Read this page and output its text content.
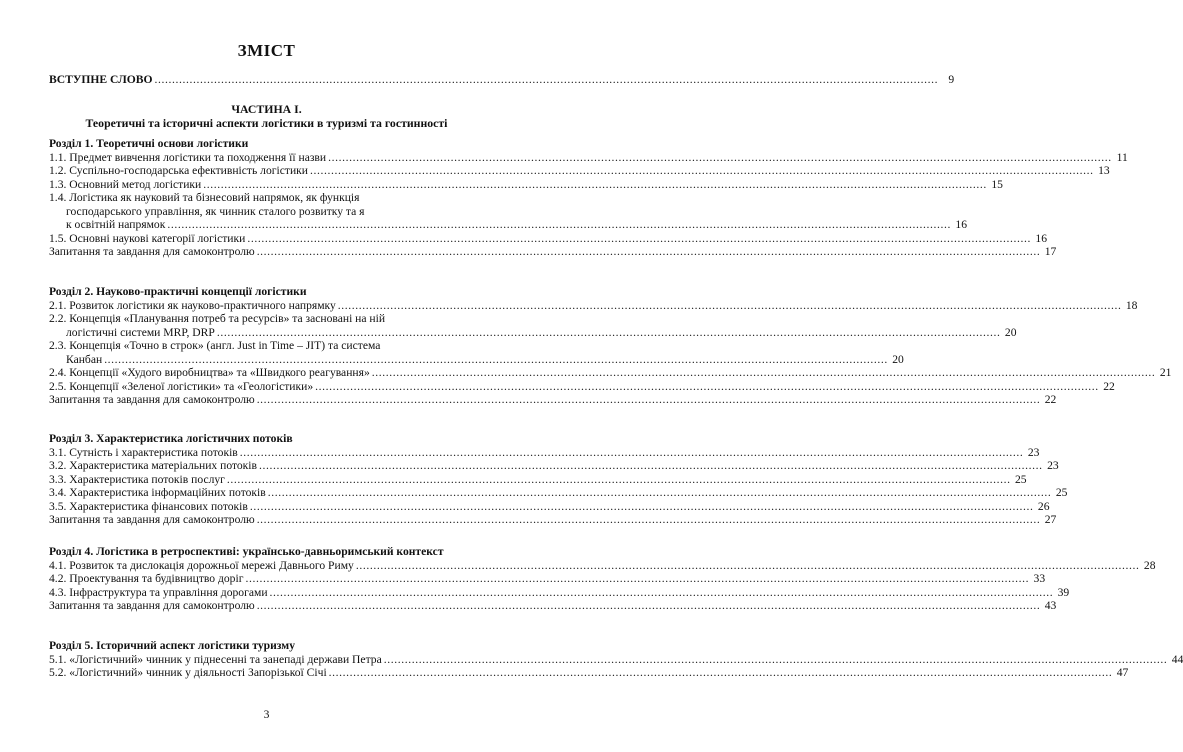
ЗМІСТ
ВСТУПНЕ СЛОВО .....	9
ЧАСТИНА І.
Теоретичні та історичні аспекти логістики в туризмі та гостинності
Розділ 1. Теоретичні основи логістики
1.1. Предмет вивчення логістики та походження її назви .....	11
1.2. Суспільно-господарська ефективність логістики .....	13
1.3. Основний метод логістики .....	15
1.4. Логістика як науковий та бізнесовий напрямок, як функція
господарського управління, як чинник сталого розвитку та я
к освітній напрямок .....	16
1.5. Основні наукові категорії логістики .....	16
Запитання та завдання для самоконтролю .....	17
Розділ 2. Науково-практичні концепції логістики
2.1. Розвиток логістики як науково-практичного напрямку .....	18
2.2. Концепція «Планування потреб та ресурсів» та засновані на ній
логістичні системи MRP, DRP .....	20
2.3. Концепція «Точно в строк» (англ. Just in Time – JIT) та система
Канбан .....	20
2.4. Концепції «Худого виробництва» та «Швидкого реагування» .....	21
2.5. Концепції «Зеленої логістики» та «Геологістики» .....	22
Запитання та завдання для самоконтролю .....	22
Розділ 3. Характеристика логістичних потоків
3.1. Сутність і характеристика потоків .....	23
3.2. Характеристика матеріальних потоків .....	23
3.3. Характеристика потоків послуг .....	25
3.4. Характеристика інформаційних потоків .....	25
3.5. Характеристика фінансових потоків .....	26
Запитання та завдання для самоконтролю .....	27
Розділ 4. Логістика в ретроспективі: українсько-давньоримський контекст
4.1. Розвиток та дислокація дорожньої мережі Давнього Риму .....	28
4.2. Проектування та будівництво доріг .....	33
4.3. Інфраструктура та управління дорогами .....	39
Запитання та завдання для самоконтролю .....	43
Розділ 5. Історичний аспект логістики туризму
5.1. «Логістичний» чинник у піднесенні та занепаді держави Петра .....	44
5.2. «Логістичний» чинник у діяльності Запорізької Січі .....	47
3
